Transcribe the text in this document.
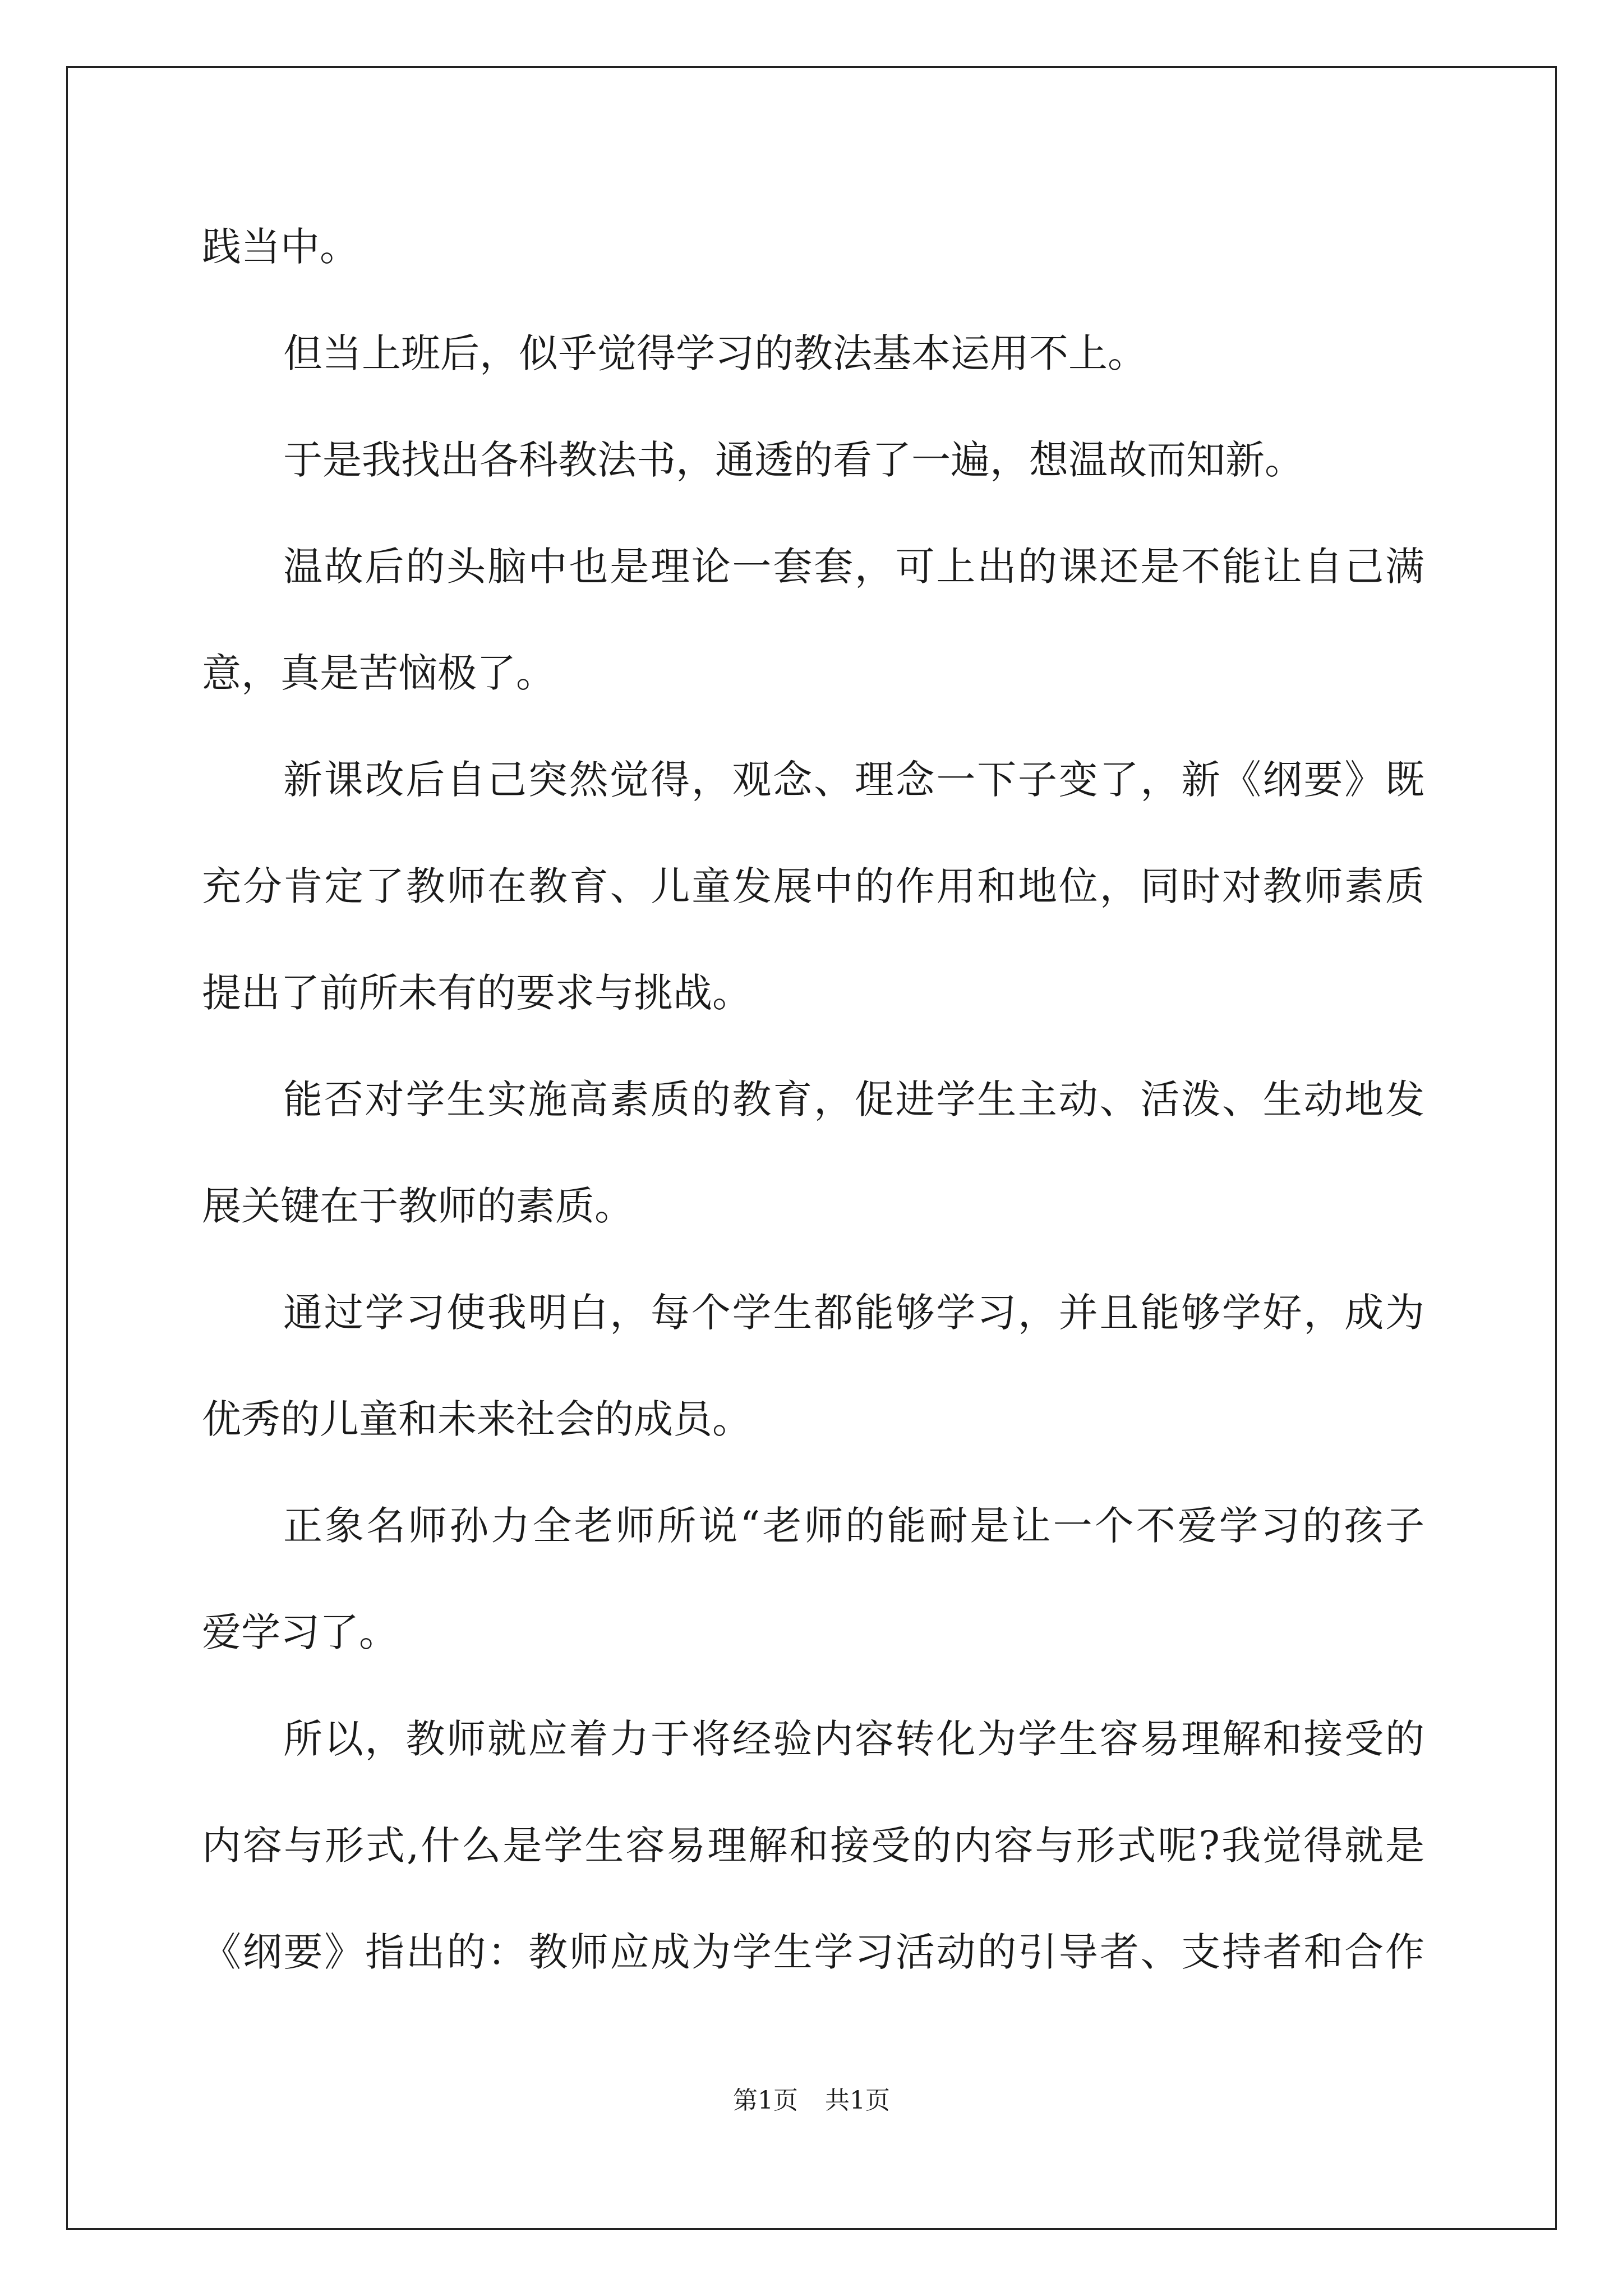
践当中。
但当上班后，似乎觉得学习的教法基本运用不上。
于是我找出各科教法书，通透的看了一遍，想温故而知新。
温故后的头脑中也是理论一套套，可上出的课还是不能让自己满
意，真是苦恼极了。
新课改后自己突然觉得，观念、理念一下子变了，新《纲要》既
充分肯定了教师在教育、儿童发展中的作用和地位，同时对教师素质
提出了前所未有的要求与挑战。
能否对学生实施高素质的教育，促进学生主动、活泼、生动地发
展关键在于教师的素质。
通过学习使我明白，每个学生都能够学习，并且能够学好，成为
优秀的儿童和未来社会的成员。
正象名师孙力全老师所说“老师的能耐是让一个不爱学习的孩子
爱学习了。
所以，教师就应着力于将经验内容转化为学生容易理解和接受的
内容与形式,什么是学生容易理解和接受的内容与形式呢?我觉得就是
《纲要》指出的：教师应成为学生学习活动的引导者、支持者和合作
第1页 共1页
